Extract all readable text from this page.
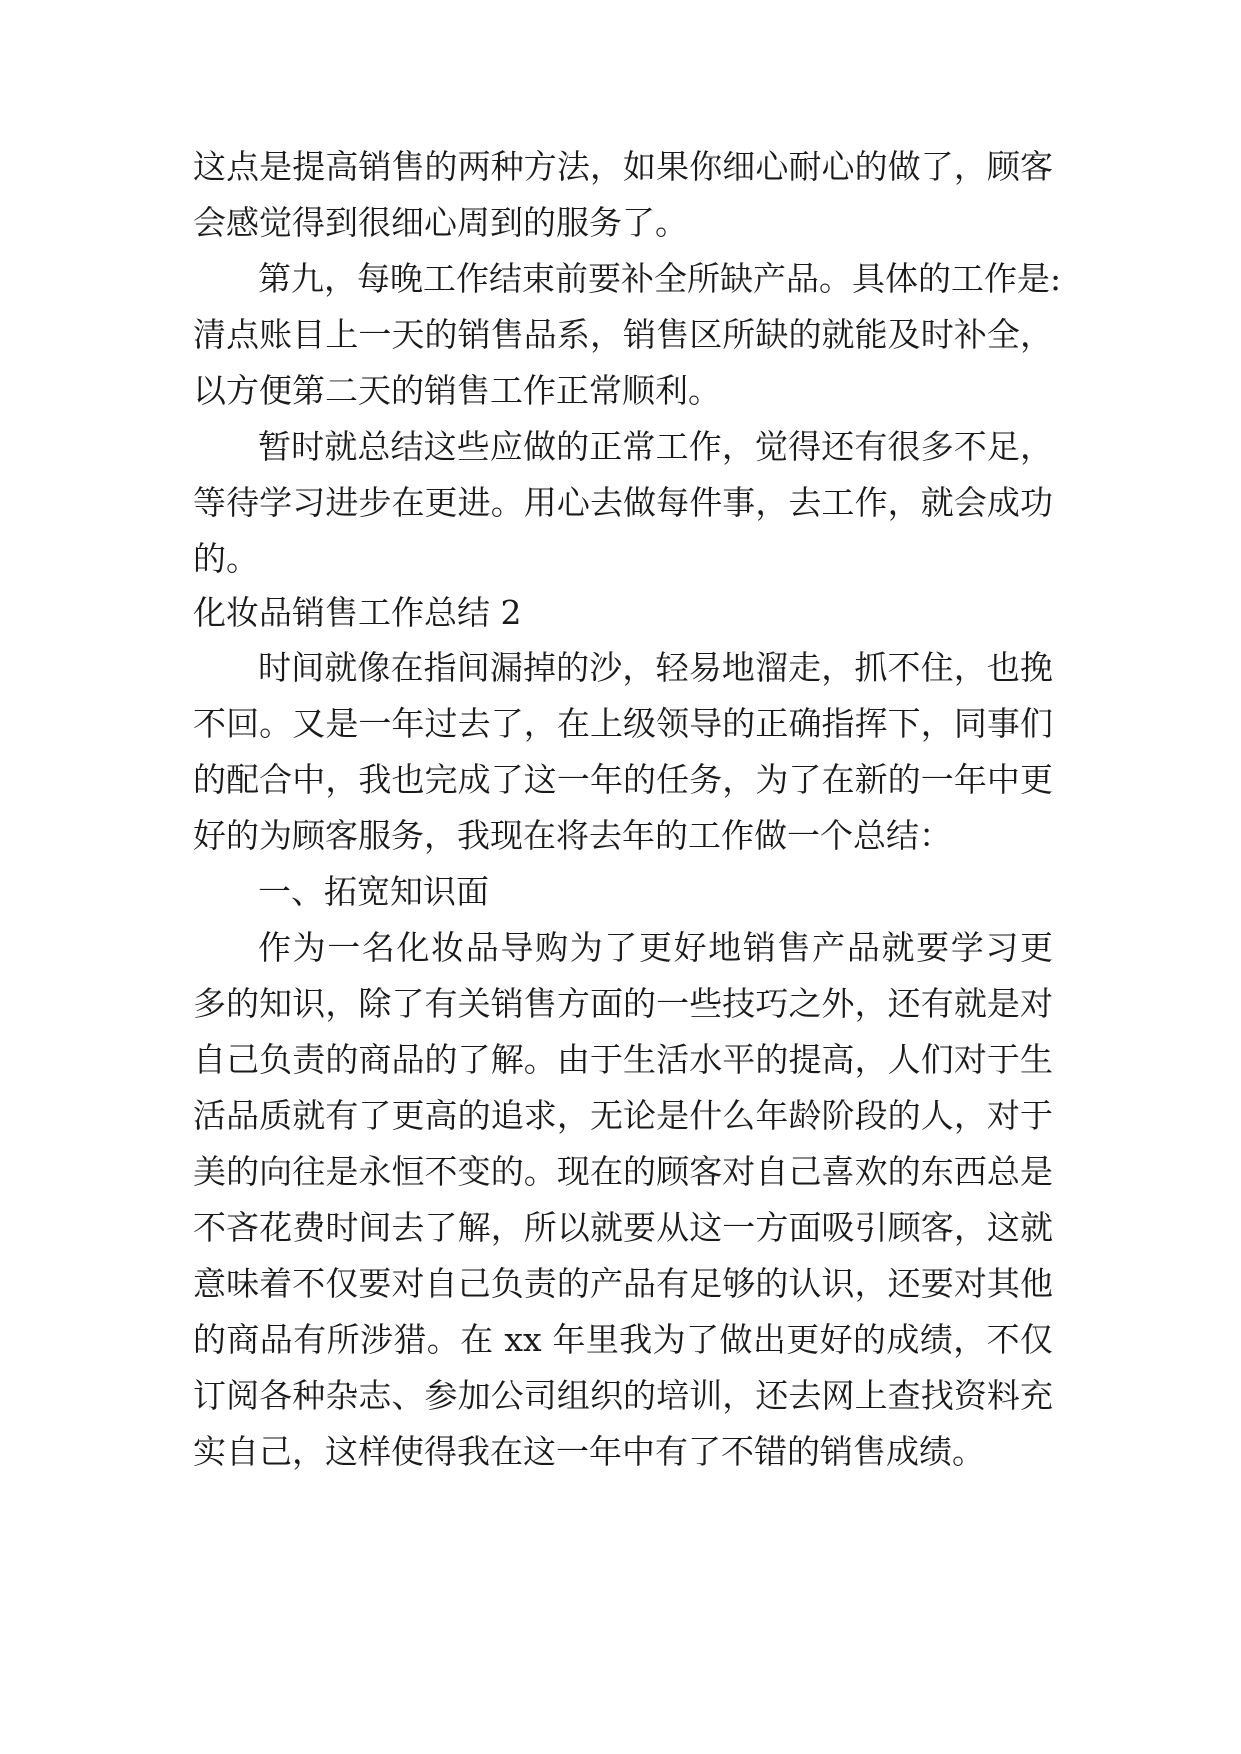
这点是提高销售的两种方法，如果你细心耐心的做了，顾客
会感觉得到很细心周到的服务了。
第九，每晚工作结束前要补全所缺产品。具体的工作是:
清点账目上一天的销售品系，销售区所缺的就能及时补全，
以方便第二天的销售工作正常顺利。
暂时就总结这些应做的正常工作，觉得还有很多不足，
等待学习进步在更进。用心去做每件事，去工作，就会成功
的。
化妆品销售工作总结 2
时间就像在指间漏掉的沙，轻易地溜走，抓不住，也挽
不回。又是一年过去了，在上级领导的正确指挥下，同事们
的配合中，我也完成了这一年的任务，为了在新的一年中更
好的为顾客服务，我现在将去年的工作做一个总结：
一、拓宽知识面
作为一名化妆品导购为了更好地销售产品就要学习更
多的知识，除了有关销售方面的一些技巧之外，还有就是对
自己负责的商品的了解。由于生活水平的提高，人们对于生
活品质就有了更高的追求，无论是什么年龄阶段的人，对于
美的向往是永恒不变的。现在的顾客对自己喜欢的东西总是
不吝花费时间去了解，所以就要从这一方面吸引顾客，这就
意味着不仅要对自己负责的产品有足够的认识，还要对其他
的商品有所涉猎。在 xx 年里我为了做出更好的成绩，不仅
订阅各种杂志、参加公司组织的培训，还去网上查找资料充
实自己，这样使得我在这一年中有了不错的销售成绩。
